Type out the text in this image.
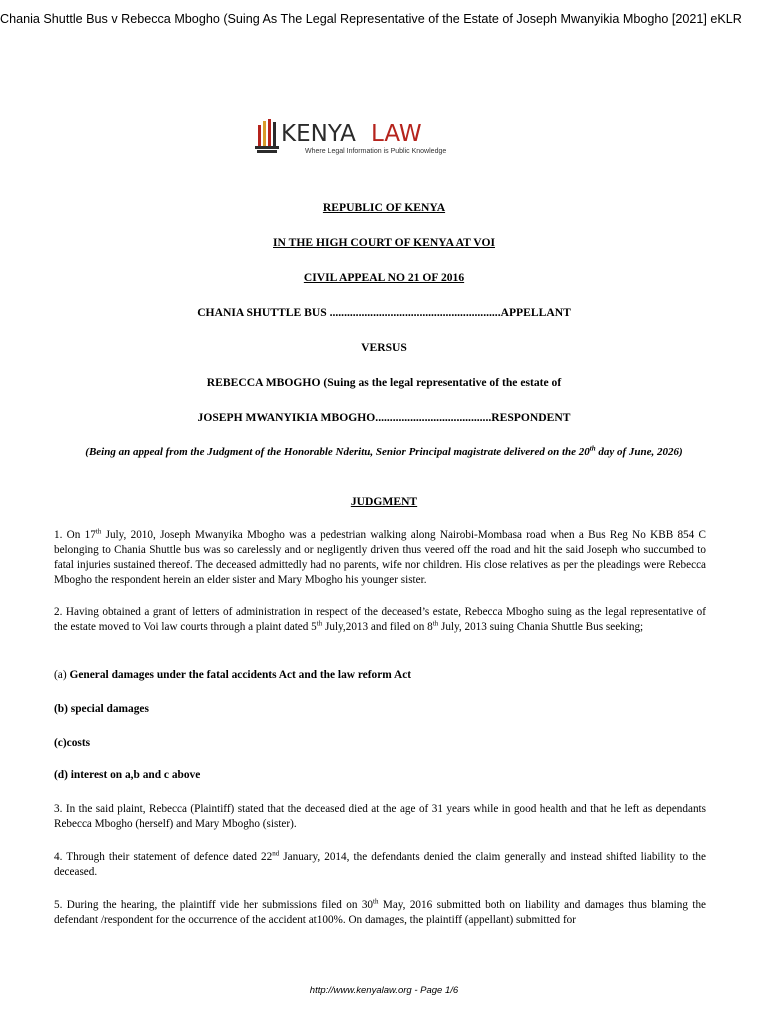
Chania Shuttle Bus v Rebecca Mbogho (Suing As The Legal Representative of the Estate of Joseph Mwanyikia Mbogho [2021] eKLR
KENYA LAW
Where Legal Information is Public Knowledge
REPUBLIC OF KENYA
IN THE HIGH COURT OF KENYA AT VOI
CIVIL APPEAL NO 21 OF 2016
CHANIA SHUTTLE BUS ...........................................................APPELLANT
VERSUS
REBECCA MBOGHO (Suing as the legal representative of the estate of
JOSEPH MWANYIKIA MBOGHO........................................RESPONDENT
(Being an appeal from the Judgment of the Honorable Nderitu, Senior Principal magistrate delivered on the 20th day of June, 2026)
JUDGMENT
1. On 17th July, 2010, Joseph Mwanyika Mbogho was a pedestrian walking along Nairobi-Mombasa road when a Bus Reg No KBB 854 C belonging to Chania Shuttle bus was so carelessly and or negligently driven thus veered off the road and hit the said Joseph who succumbed to fatal injuries sustained thereof. The deceased admittedly had no parents, wife nor children. His close relatives as per the pleadings were Rebecca Mbogho the respondent herein an elder sister and Mary Mbogho his younger sister.
2. Having obtained a grant of letters of administration in respect of the deceased’s estate, Rebecca Mbogho suing as the legal representative of the estate moved to Voi law courts through a plaint dated 5th July,2013 and filed on 8th July, 2013 suing Chania Shuttle Bus seeking;
(a) General damages under the fatal accidents Act and the law reform Act
(b) special damages
(c)costs
(d) interest on a,b and c above
3. In the said plaint, Rebecca (Plaintiff) stated that the deceased died at the age of 31 years while in good health and that he left as dependants Rebecca Mbogho (herself) and Mary Mbogho (sister).
4. Through their statement of defence dated 22nd January, 2014, the defendants denied the claim generally and instead shifted liability to the deceased.
5. During the hearing, the plaintiff vide her submissions filed on 30th May, 2016 submitted both on liability and damages thus blaming the defendant /respondent for the occurrence of the accident at100%. On damages, the plaintiff (appellant) submitted for
http://www.kenyalaw.org - Page 1/6
